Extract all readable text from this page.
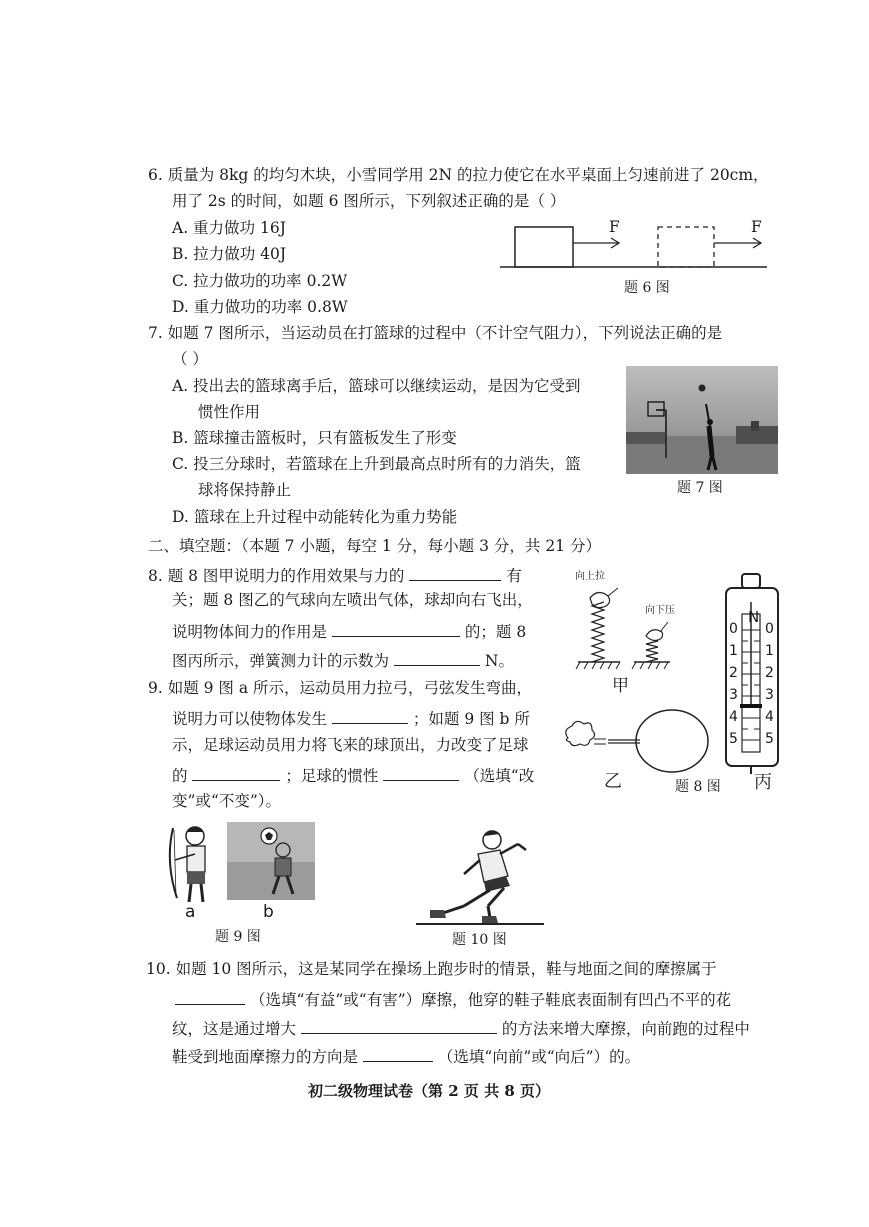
6. 质量为 8kg 的均匀木块，小雪同学用 2N 的拉力使它在水平桌面上匀速前进了 20cm，
用了 2s 的时间，如题 6 图所示，下列叙述正确的是（ ）
A. 重力做功 16J
B. 拉力做功 40J
C. 拉力做功的功率 0.2W
D. 重力做功的功率 0.8W
F	F
题 6 图
7. 如题 7 图所示，当运动员在打篮球的过程中（不计空气阻力），下列说法正确的是
（ ）
A. 投出去的篮球离手后，篮球可以继续运动，是因为它受到
惯性作用
B. 篮球撞击篮板时，只有篮板发生了形变
C. 投三分球时，若篮球在上升到最高点时所有的力消失，篮
球将保持静止
D. 篮球在上升过程中动能转化为重力势能
题 7 图
二、填空题：（本题 7 小题，每空 1 分，每小题 3 分，共 21 分）
8. 题 8 图甲说明力的作用效果与力的	有
关；题 8 图乙的气球向左喷出气体，球却向右飞出，
说明物体间力的作用是	的；题 8
图丙所示，弹簧测力计的示数为	N。
向上拉
向下压
甲
乙	题 8 图
N
0
1
2
3
4
5
0
1
2
3
4
5
丙
9. 如题 9 图 a 所示，运动员用力拉弓，弓弦发生弯曲，
说明力可以使物体发生	；如题 9 图 b 所
示，足球运动员用力将飞来的球顶出，力改变了足球
的	；足球的惯性	（选填“改
变”或“不变”）。
a	b
题 9 图	题 10 图
10. 如题 10 图所示，这是某同学在操场上跑步时的情景，鞋与地面之间的摩擦属于
（选填“有益”或“有害”）摩擦，他穿的鞋子鞋底表面制有凹凸不平的花
纹，这是通过增大	的方法来增大摩擦，向前跑的过程中
鞋受到地面摩擦力的方向是	（选填“向前”或“向后”）的。
初二级物理试卷（第 2 页 共 8 页）
